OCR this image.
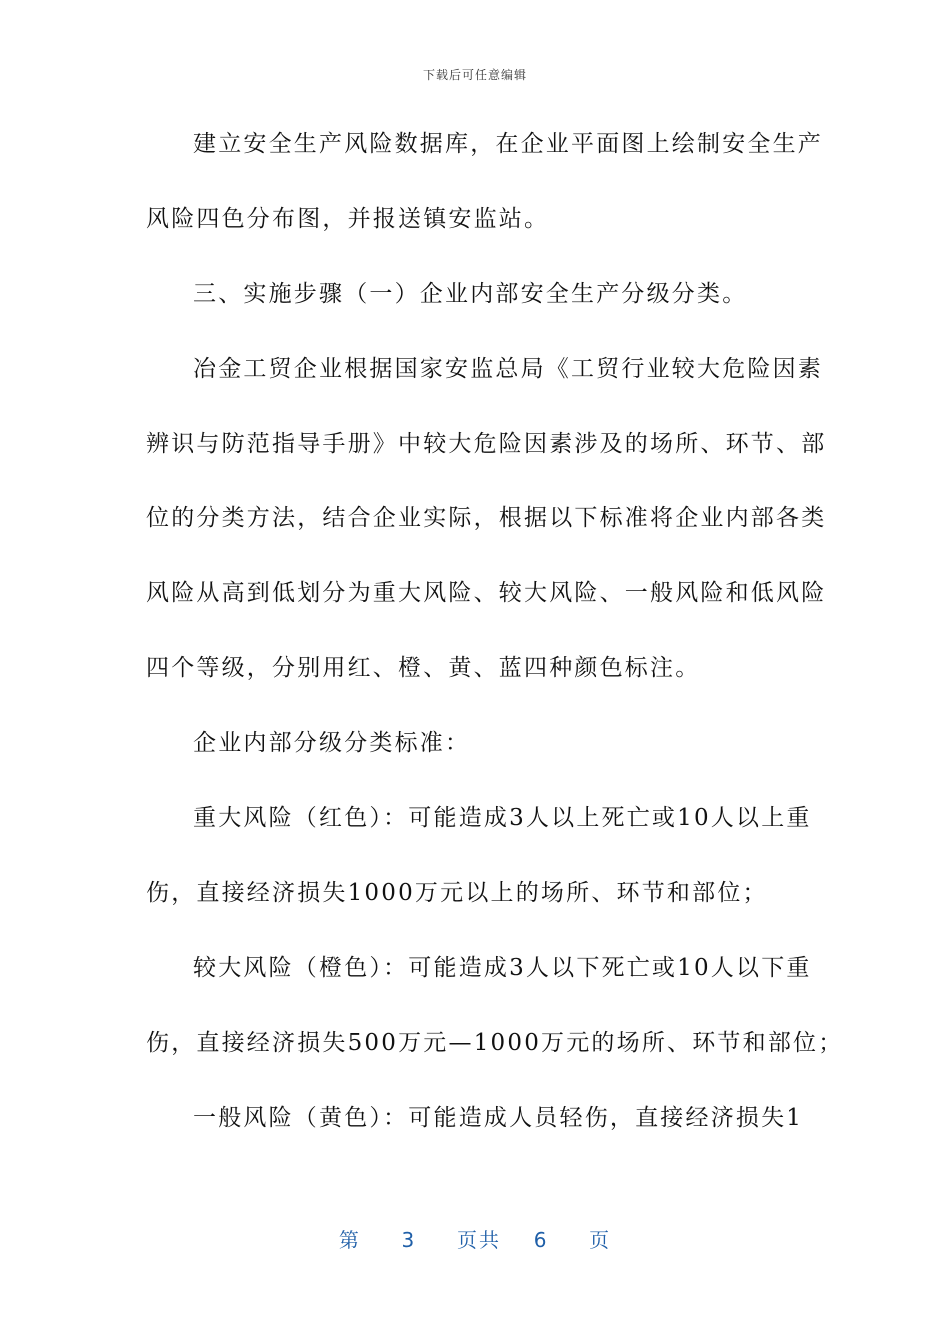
下载后可任意编辑
建立安全生产风险数据库，在企业平面图上绘制安全生产
风险四色分布图，并报送镇安监站。
三、实施步骤（一）企业内部安全生产分级分类。
冶金工贸企业根据国家安监总局《工贸行业较大危险因素
辨识与防范指导手册》中较大危险因素涉及的场所、环节、部
位的分类方法，结合企业实际，根据以下标准将企业内部各类
风险从高到低划分为重大风险、较大风险、一般风险和低风险
四个等级，分别用红、橙、黄、蓝四种颜色标注。
企业内部分级分类标准：
重大风险（红色）：可能造成3人以上死亡或10人以上重
伤，直接经济损失1000万元以上的场所、环节和部位；
较大风险（橙色）：可能造成3人以下死亡或10人以下重
伤，直接经济损失500万元—1000万元的场所、环节和部位；
一般风险（黄色）：可能造成人员轻伤，直接经济损失1
第 3 页共 6 页
